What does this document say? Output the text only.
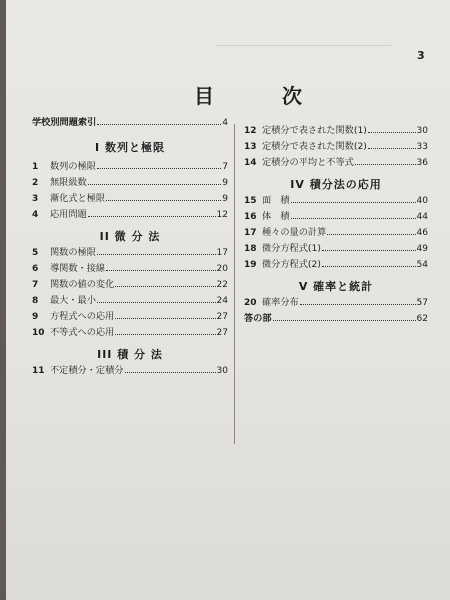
3
目	次
学校別問題索引	4
I 数列と極限
1	数列の極限	7
2	無限級数	9
3	漸化式と極限	9
4	応用問題	12
II 微 分 法
5	関数の極限	17
6	導関数・接線	20
7	関数の値の変化	22
8	最大・最小	24
9	方程式への応用	27
10 不等式への応用	27
III 積 分 法
11 不定積分・定積分	30
12 定積分で表された関数(1)	30
13 定積分で表された関数(2)	33
14 定積分の平均と不等式	36
IV 積分法の応用
15 面　積	40
16 体　積	44
17 種々の量の計算	46
18 微分方程式(1)	49
19 微分方程式(2)	54
V 確率と統計
20 確率分布	57
答の部	62
